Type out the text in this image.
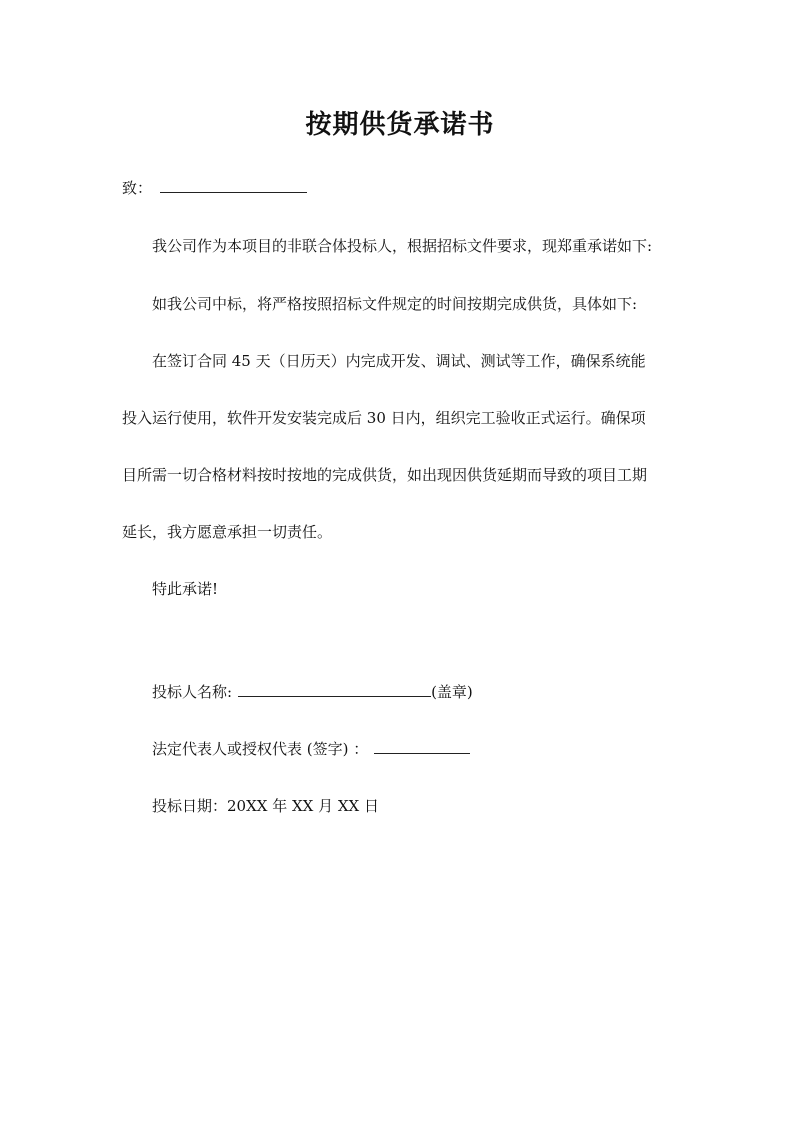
按期供货承诺书
致：
我公司作为本项目的非联合体投标人，根据招标文件要求，现郑重承诺如下:
如我公司中标，将严格按照招标文件规定的时间按期完成供货，具体如下:
在签订合同 45 天（日历天）内完成开发、调试、测试等工作，确保系统能
投入运行使用，软件开发安装完成后 30 日内，组织完工验收正式运行。确保项
目所需一切合格材料按时按地的完成供货，如出现因供货延期而导致的项目工期
延长，我方愿意承担一切责任。
特此承诺!
投标人名称:	(盖章)
法定代表人或授权代表 (签字) ：
投标日期：20XX 年 XX 月 XX 日
